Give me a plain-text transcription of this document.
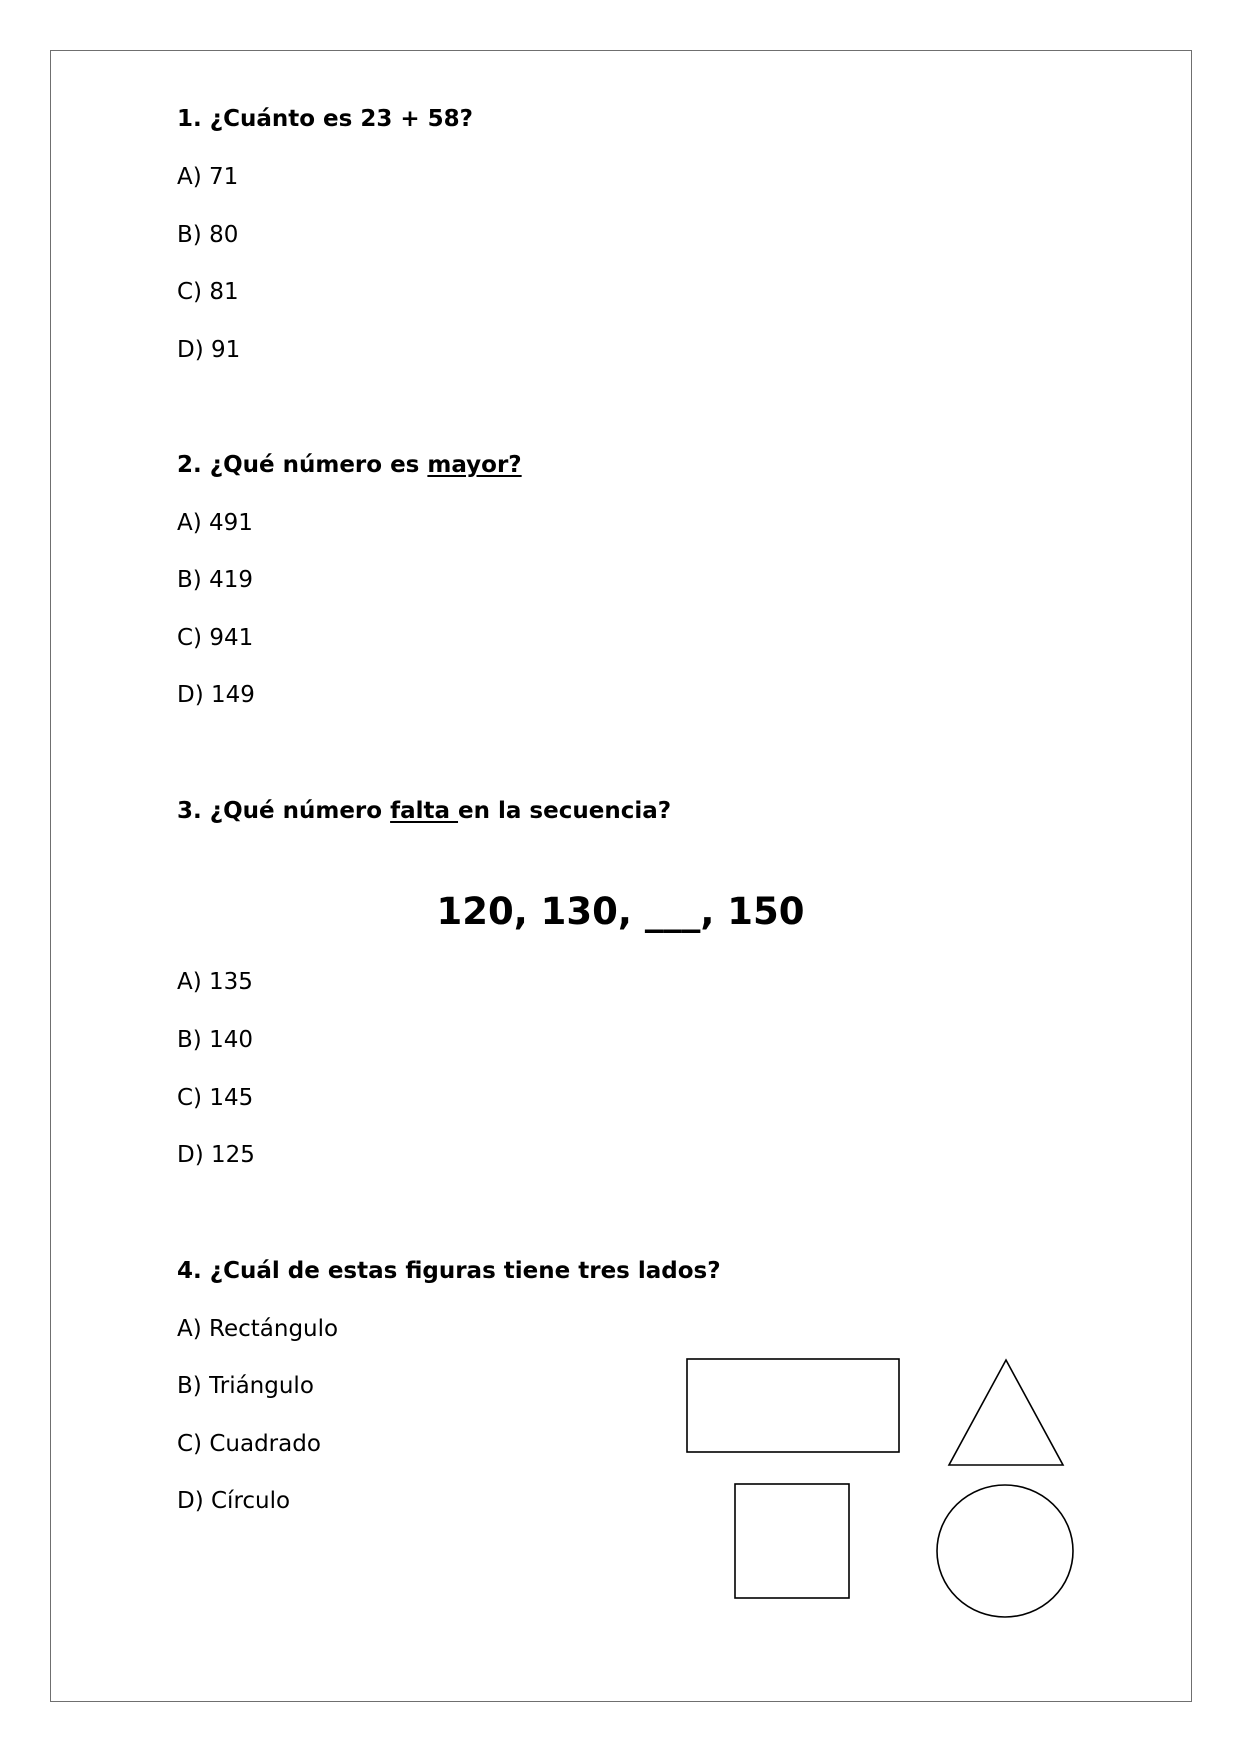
1. ¿Cuánto es 23 + 58?
A) 71
B) 80
C) 81
D) 91
2. ¿Qué número es mayor?
A) 491
B) 419
C) 941
D) 149
3. ¿Qué número falta en la secuencia?
120, 130, ___, 150
A) 135
B) 140
C) 145
D) 125
4. ¿Cuál de estas figuras tiene tres lados?
A) Rectángulo
B) Triángulo
C) Cuadrado
D) Círculo
